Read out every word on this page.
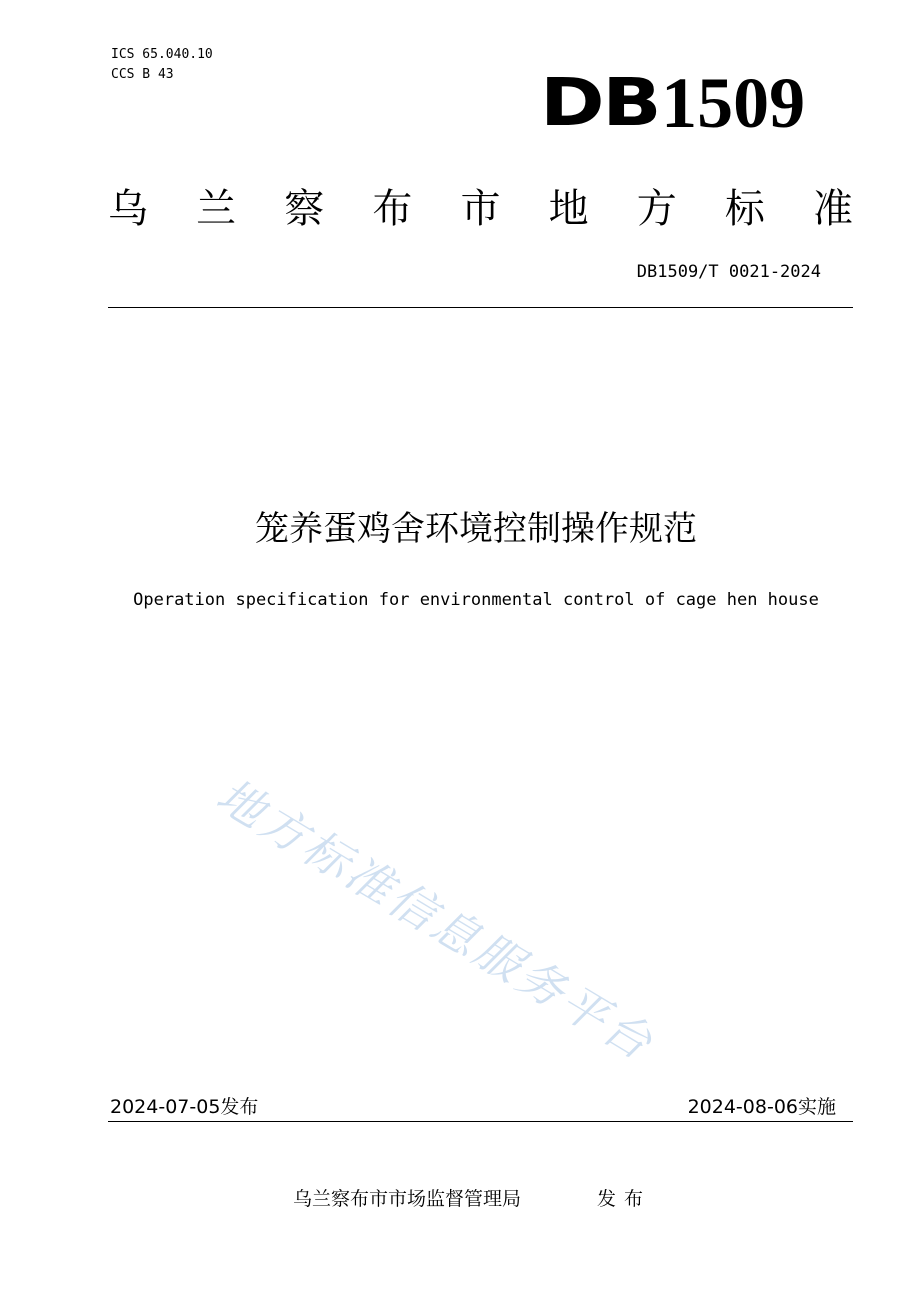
ICS 65.040.10
CCS B 43	DB 1509
乌 兰 察 布 市 地 方 标 准
DB1509/T 0021-2024
笼养蛋鸡舍环境控制操作规范
Operation specification for environmental control of cage hen house
地方标准信息服务平台
2024-07-05发布	2024-08-06实施
乌兰察布市市场监督管理局	发布
